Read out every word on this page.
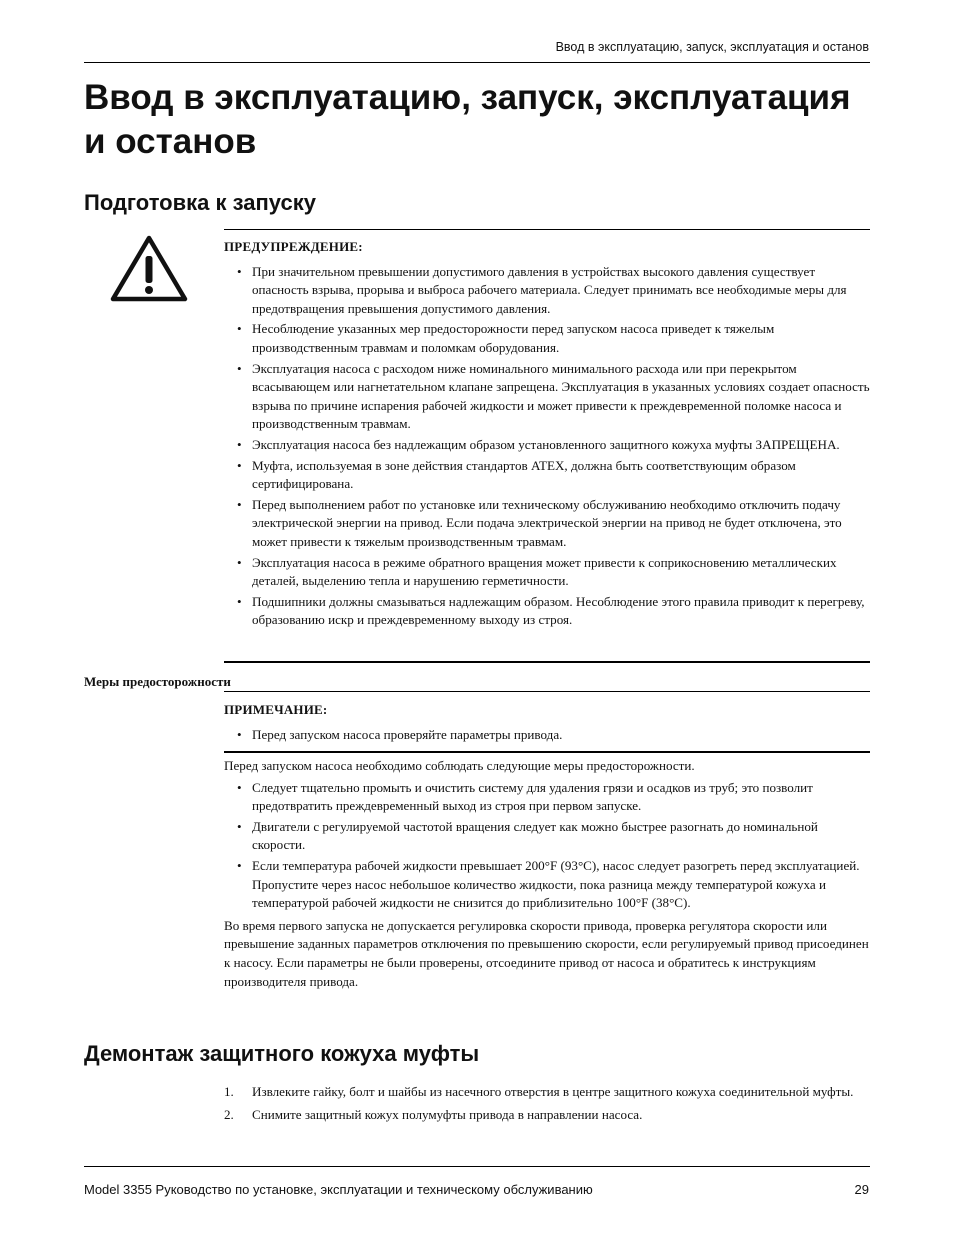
Ввод в эксплуатацию, запуск, эксплуатация и останов
Ввод в эксплуатацию, запуск, эксплуатация и останов
Подготовка к запуску
ПРЕДУПРЕЖДЕНИЕ:
• При значительном превышении допустимого давления в устройствах высокого давления существует опасность взрыва, прорыва и выброса рабочего материала. Следует принимать все необходимые меры для предотвращения превышения допустимого давления.
• Несоблюдение указанных мер предосторожности перед запуском насоса приведет к тяжелым производственным травмам и поломкам оборудования.
• Эксплуатация насоса с расходом ниже номинального минимального расхода или при перекрытом всасывающем или нагнетательном клапане запрещена. Эксплуатация в указанных условиях создает опасность взрыва по причине испарения рабочей жидкости и может привести к преждевременной поломке насоса и производственным травмам.
• Эксплуатация насоса без надлежащим образом установленного защитного кожуха муфты ЗАПРЕЩЕНА.
• Муфта, используемая в зоне действия стандартов ATEX, должна быть соответствующим образом сертифицирована.
• Перед выполнением работ по установке или техническому обслуживанию необходимо отключить подачу электрической энергии на привод. Если подача электрической энергии на привод не будет отключена, это может привести к тяжелым производственным травмам.
• Эксплуатация насоса в режиме обратного вращения может привести к соприкосновению металлических деталей, выделению тепла и нарушению герметичности.
• Подшипники должны смазываться надлежащим образом. Несоблюдение этого правила приводит к перегреву, образованию искр и преждевременному выходу из строя.
Меры предосторожности
ПРИМЕЧАНИЕ:
• Перед запуском насоса проверяйте параметры привода.

Перед запуском насоса необходимо соблюдать следующие меры предосторожности.

• Следует тщательно промыть и очистить систему для удаления грязи и осадков из труб; это позволит предотвратить преждевременный выход из строя при первом запуске.
• Двигатели с регулируемой частотой вращения следует как можно быстрее разогнать до номинальной скорости.
• Если температура рабочей жидкости превышает 200°F (93°C), насос следует разогреть перед эксплуатацией. Пропустите через насос небольшое количество жидкости, пока разница между температурой кожуха и температурой рабочей жидкости не снизится до приблизительно 100°F (38°C).

Во время первого запуска не допускается регулировка скорости привода, проверка регулятора скорости или превышение заданных параметров отключения по превышению скорости, если регулируемый привод присоединен к насосу. Если параметры не были проверены, отсоедините привод от насоса и обратитесь к инструкциям производителя привода.

Демонтаж защитного кожуха муфты
1. Извлеките гайку, болт и шайбы из насечного отверстия в центре защитного кожуха соединительной муфты.
2. Снимите защитный кожух полумуфты привода в направлении насоса.
Model 3355 Руководство по установке, эксплуатации и техническому обслуживанию	29
